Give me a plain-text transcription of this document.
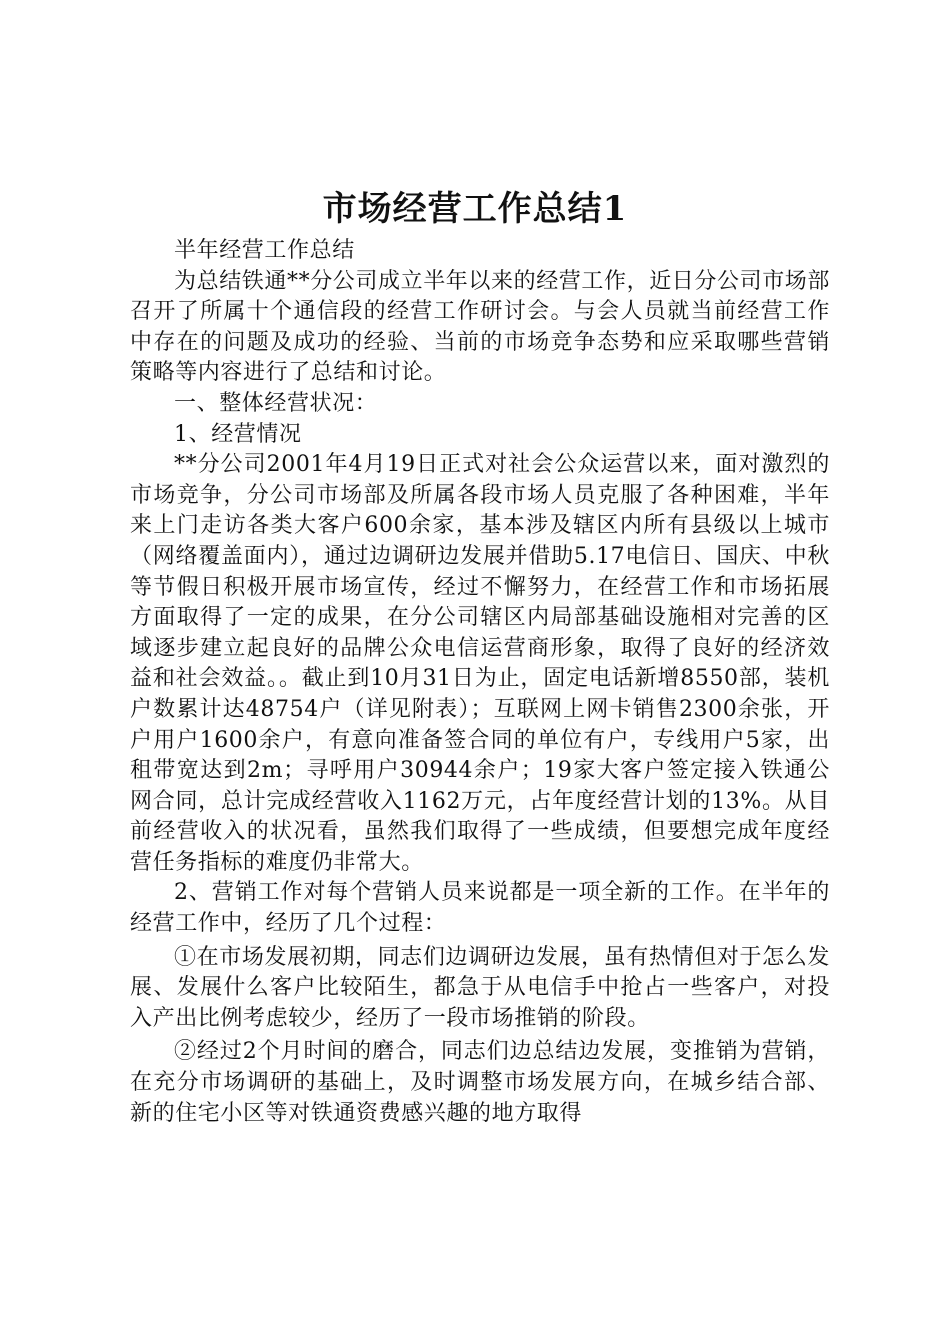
市场经营工作总结1

半年经营工作总结

为总结铁通**分公司成立半年以来的经营工作，近日分公司市场部召开了所属十个通信段的经营工作研讨会。与会人员就当前经营工作中存在的问题及成功的经验、当前的市场竞争态势和应采取哪些营销策略等内容进行了总结和讨论。

一、整体经营状况：

1、经营情况

**分公司2001年4月19日正式对社会公众运营以来，面对激烈的市场竞争，分公司市场部及所属各段市场人员克服了各种困难，半年来上门走访各类大客户600余家，基本涉及辖区内所有县级以上城市（网络覆盖面内），通过边调研边发展并借助5.17电信日、国庆、中秋等节假日积极开展市场宣传，经过不懈努力，在经营工作和市场拓展方面取得了一定的成果，在分公司辖区内局部基础设施相对完善的区域逐步建立起良好的品牌公众电信运营商形象，取得了良好的经济效益和社会效益。。截止到10月31日为止，固定电话新增8550部，装机户数累计达48754户（详见附表）；互联网上网卡销售2300余张，开户用户1600余户，有意向准备签合同的单位有户，专线用户5家，出租带宽达到2m；寻呼用户30944余户；19家大客户签定接入铁通公网合同，总计完成经营收入1162万元，占年度经营计划的13%。从目前经营收入的状况看，虽然我们取得了一些成绩，但要想完成年度经营任务指标的难度仍非常大。

2、营销工作对每个营销人员来说都是一项全新的工作。在半年的经营工作中，经历了几个过程：

①在市场发展初期，同志们边调研边发展，虽有热情但对于怎么发展、发展什么客户比较陌生，都急于从电信手中抢占一些客户，对投入产出比例考虑较少，经历了一段市场推销的阶段。

②经过2个月时间的磨合，同志们边总结边发展，变推销为营销，在充分市场调研的基础上，及时调整市场发展方向，在城乡结合部、新的住宅小区等对铁通资费感兴趣的地方取得
